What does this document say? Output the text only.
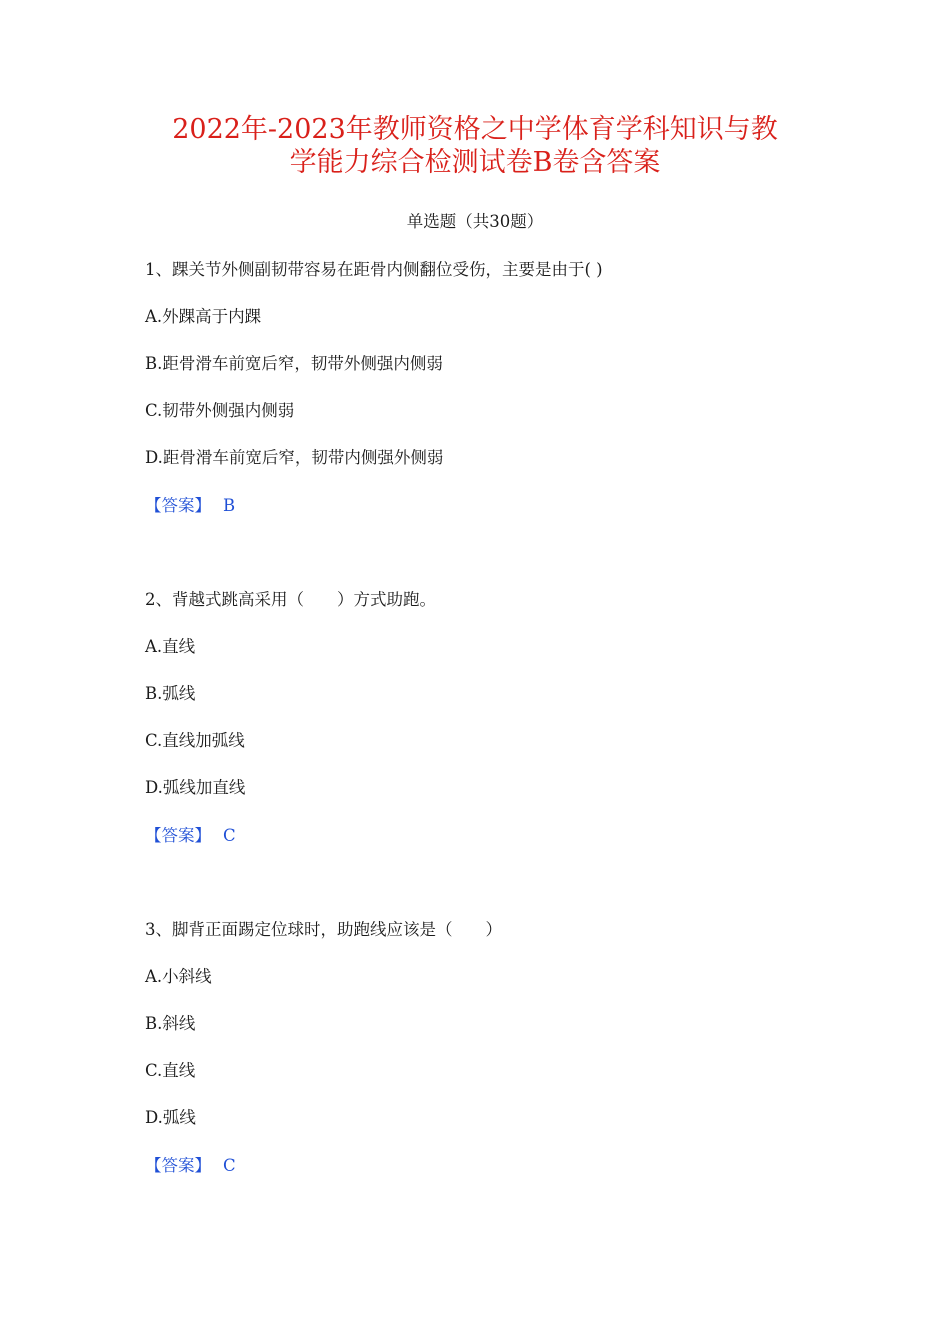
2022年-2023年教师资格之中学体育学科知识与教
学能力综合检测试卷B卷含答案
单选题（共30题）
1、踝关节外侧副韧带容易在距骨内侧翻位受伤，主要是由于( )
A.外踝高于内踝
B.距骨滑车前宽后窄，韧带外侧强内侧弱
C.韧带外侧强内侧弱
D.距骨滑车前宽后窄，韧带内侧强外侧弱
【答案】 B
2、背越式跳高采用（　　）方式助跑。
A.直线
B.弧线
C.直线加弧线
D.弧线加直线
【答案】 C
3、脚背正面踢定位球时，助跑线应该是（　　）
A.小斜线
B.斜线
C.直线
D.弧线
【答案】 C
